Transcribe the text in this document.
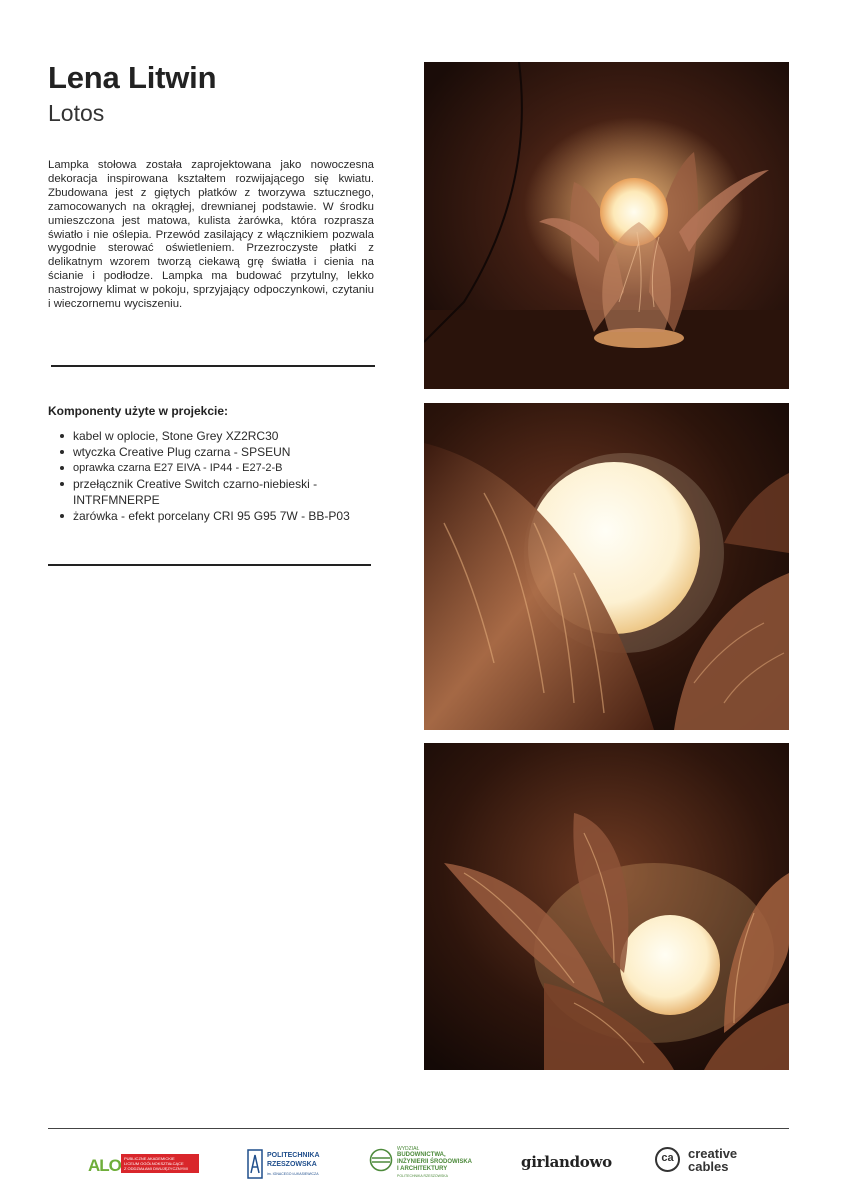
Lena Litwin
Lotos
Lampka stołowa została zaprojektowana jako nowoczesna dekoracja inspirowana kształtem rozwijającego się kwiatu. Zbudowana jest z giętych płatków z tworzywa sztucznego, zamocowanych na okrągłej, drewnianej podstawie. W środku umieszczona jest matowa, kulista żarówka, która rozprasza światło i nie oślepia. Przewód zasilający z włącznikiem pozwala wygodnie sterować oświetleniem. Przezroczyste płatki z delikatnym wzorem tworzą ciekawą grę światła i cienia na ścianie i podłodze. Lampka ma budować przytulny, lekko nastrojowy klimat w pokoju, sprzyjający odpoczynkowi, czytaniu i wieczornemu wyciszeniu.
Komponenty użyte w projekcie:
kabel w oplocie, Stone Grey XZ2RC30
wtyczka Creative Plug czarna - SPSEUN
oprawka czarna E27 EIVA - IP44 - E27-2-B
przełącznik Creative Switch czarno-niebieski - INTRFMNERPE
żarówka - efekt porcelany CRI 95 G95 7W - BB-P03
ALO PUBLICZNE AKADEMICKIE
LICEUM OGÓLNOKSZTAŁCĄCE
Z ODDZIAŁAMI DWUJĘZYCZNYMI
POLITECHNIKA
RZESZOWSKA
im. IGNACEGO ŁUKASIEWICZA
WYDZIAŁ
BUDOWNICTWA,
INŻYNIERII ŚRODOWISKA
I ARCHITEKTURY
POLITECHNIKA RZESZOWSKA
girlandowo	ca	creative
cables
